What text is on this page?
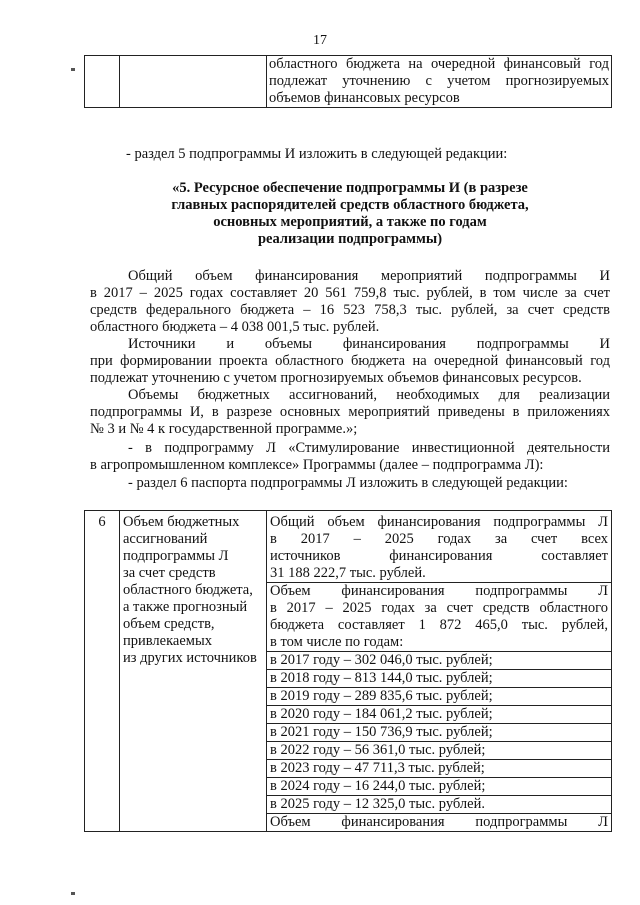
17

областного бюджета на очередной финансовый год
подлежат уточнению с учетом прогнозируемых
объемов финансовых ресурсов
- раздел 5 подпрограммы И изложить в следующей редакции:
«5. Ресурсное обеспечение подпрограммы И (в разрезе
главных распорядителей средств областного бюджета,
основных мероприятий, а также по годам
реализации подпрограммы)
Общий объем финансирования мероприятий подпрограммы И
в 2017 – 2025 годах составляет 20 561 759,8 тыс. рублей, в том числе за счет
средств федерального бюджета – 16 523 758,3 тыс. рублей, за счет средств
областного бюджета – 4 038 001,5 тыс. рублей.
Источники и объемы финансирования подпрограммы И
при формировании проекта областного бюджета на очередной финансовый год
подлежат уточнению с учетом прогнозируемых объемов финансовых ресурсов.
Объемы бюджетных ассигнований, необходимых для реализации
подпрограммы И, в разрезе основных мероприятий приведены в приложениях
№ 3 и № 4 к государственной программе.»;
- в подпрограмму Л «Стимулирование инвестиционной деятельности
в агропромышленном комплексе» Программы (далее – подпрограмма Л):
- раздел 6 паспорта подпрограммы Л изложить в следующей редакции:
6	Объем бюджетных
ассигнований
подпрограммы Л
за счет средств
областного бюджета,
а также прогнозный
объем средств,
привлекаемых
из других источников

Общий объем финансирования подпрограммы Л
в 2017 – 2025 годах за счет всех
источников финансирования составляет
31 188 222,7 тыс. рублей.
Объем финансирования подпрограммы Л
в 2017 – 2025 годах за счет средств областного
бюджета составляет 1 872 465,0 тыс. рублей,
в том числе по годам:
в 2017 году – 302 046,0 тыс. рублей;
в 2018 году – 813 144,0 тыс. рублей;
в 2019 году – 289 835,6 тыс. рублей;
в 2020 году – 184 061,2 тыс. рублей;
в 2021 году – 150 736,9 тыс. рублей;
в 2022 году – 56 361,0 тыс. рублей;
в 2023 году – 47 711,3 тыс. рублей;
в 2024 году – 16 244,0 тыс. рублей;
в 2025 году – 12 325,0 тыс. рублей.
Объем финансирования подпрограммы Л
